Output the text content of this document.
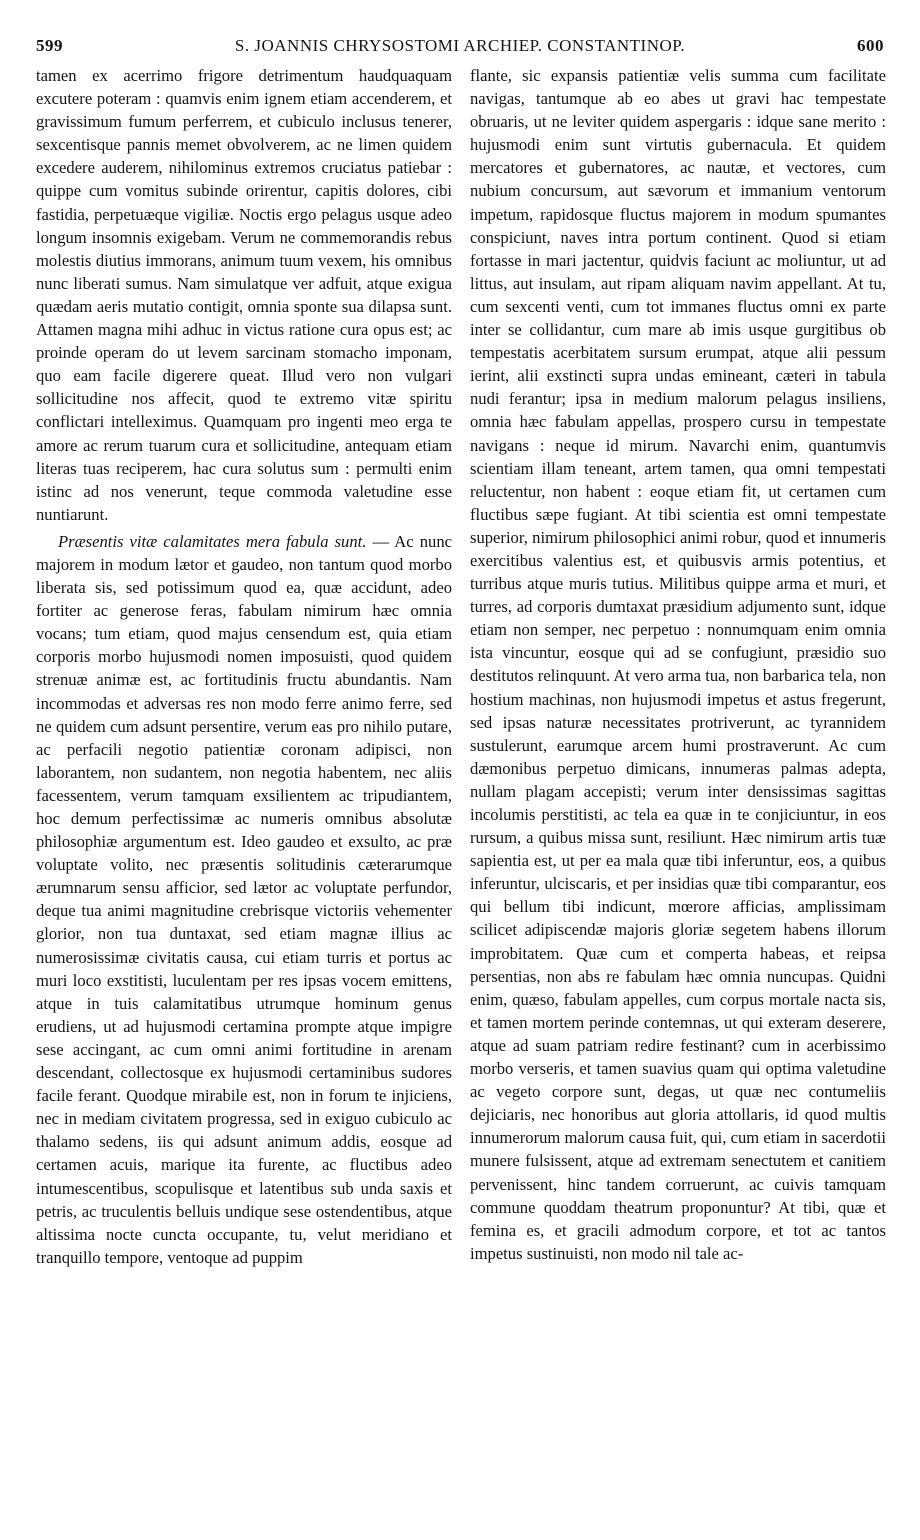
599	S. JOANNIS CHRYSOSTOMI ARCHIEP. CONSTANTINOP.	600

tamen ex acerrimo frigore detrimentum haudquaquam excutere poteram : quamvis enim ignem etiam accenderem, et gravissimum fumum perferrem, et cubiculo inclusus tenerer, sexcentisque pannis memet obvolverem, ac ne limen quidem excedere auderem, nihilominus extremos cruciatus patiebar : quippe cum vomitus subinde orirentur, capitis dolores, cibi fastidia, perpetuæque vigiliæ. Noctis ergo pelagus usque adeo longum insomnis exigebam. Verum ne commemorandis rebus molestis diutius immorans, animum tuum vexem, his omnibus nunc liberati sumus. Nam simulatque ver adfuit, atque exigua quædam aeris mutatio contigit, omnia sponte sua dilapsa sunt. Attamen magna mihi adhuc in victus ratione cura opus est; ac proinde operam do ut levem sarcinam stomacho imponam, quo eam facile digerere queat. Illud vero non vulgari sollicitudine nos affecit, quod te extremo vitæ spiritu conflictari intelleximus. Quamquam pro ingenti meo erga te amore ac rerum tuarum cura et sollicitudine, antequam etiam literas tuas reciperem, hac cura solutus sum : permulti enim istinc ad nos venerunt, teque commoda valetudine esse nuntiarunt.

Præsentis vitæ calamitates mera fabula sunt. — Ac nunc majorem in modum lætor et gaudeo, non tantum quod morbo liberata sis, sed potissimum quod ea, quæ accidunt, adeo fortiter ac generose feras, fabulam nimirum hæc omnia vocans; tum etiam, quod majus censendum est, quia etiam corporis morbo hujusmodi nomen imposuisti, quod quidem strenuæ animæ est, ac fortitudinis fructu abundantis. Nam incommodas et adversas res non modo ferre animo ferre, sed ne quidem cum adsunt persentire, verum eas pro nihilo putare, ac perfacili negotio patientiæ coronam adipisci, non laborantem, non sudantem, non negotia habentem, nec aliis facessentem, verum tamquam exsilientem ac tripudiantem, hoc demum perfectissimæ ac numeris omnibus absolutæ philosophiæ argumentum est. Ideo gaudeo et exsulto, ac præ voluptate volito, nec præsentis solitudinis cæterarumque ærumnarum sensu afficior, sed lætor ac voluptate perfundor, deque tua animi magnitudine crebrisque victoriis vehementer glorior, non tua duntaxat, sed etiam magnæ illius ac numerosissimæ civitatis causa, cui etiam turris et portus ac muri loco exstitisti, luculentam per res ipsas vocem emittens, atque in tuis calamitatibus utrumque hominum genus erudiens, ut ad hujusmodi certamina prompte atque impigre sese accingant, ac cum omni animi fortitudine in arenam descendant, collectosque ex hujusmodi certaminibus sudores facile ferant. Quodque mirabile est, non in forum te injiciens, nec in mediam civitatem progressa, sed in exiguo cubiculo ac thalamo sedens, iis qui adsunt animum addis, eosque ad certamen acuis, marique ita furente, ac fluctibus adeo intumescentibus, scopulisque et latentibus sub unda saxis et petris, ac truculentis belluis undique sese ostendentibus, atque altissima nocte cuncta occupante, tu, velut meridiano et tranquillo tempore, ventoque ad puppim

flante, sic expansis patientiæ velis summa cum facilitate navigas, tantumque ab eo abes ut gravi hac tempestate obruaris, ut ne leviter quidem aspergaris : idque sane merito : hujusmodi enim sunt virtutis gubernacula. Et quidem mercatores et gubernatores, ac nautæ, et vectores, cum nubium concursum, aut sævorum et immanium ventorum impetum, rapidosque fluctus majorem in modum spumantes conspiciunt, naves intra portum continent. Quod si etiam fortasse in mari jactentur, quidvis faciunt ac moliuntur, ut ad littus, aut insulam, aut ripam aliquam navim appellant. At tu, cum sexcenti venti, cum tot immanes fluctus omni ex parte inter se collidantur, cum mare ab imis usque gurgitibus ob tempestatis acerbitatem sursum erumpat, atque alii pessum ierint, alii exstincti supra undas emineant, cæteri in tabula nudi ferantur; ipsa in medium malorum pelagus insiliens, omnia hæc fabulam appellas, prospero cursu in tempestate navigans : neque id mirum. Navarchi enim, quantumvis scientiam illam teneant, artem tamen, qua omni tempestati reluctentur, non habent : eoque etiam fit, ut certamen cum fluctibus sæpe fugiant. At tibi scientia est omni tempestate superior, nimirum philosophici animi robur, quod et innumeris exercitibus valentius est, et quibusvis armis potentius, et turribus atque muris tutius. Militibus quippe arma et muri, et turres, ad corporis dumtaxat præsidium adjumento sunt, idque etiam non semper, nec perpetuo : nonnumquam enim omnia ista vincuntur, eosque qui ad se confugiunt, præsidio suo destitutos relinquunt. At vero arma tua, non barbarica tela, non hostium machinas, non hujusmodi impetus et astus fregerunt, sed ipsas naturæ necessitates protriverunt, ac tyrannidem sustulerunt, earumque arcem humi prostraverunt. Ac cum dæmonibus perpetuo dimicans, innumeras palmas adepta, nullam plagam accepisti; verum inter densissimas sagittas incolumis perstitisti, ac tela ea quæ in te conjiciuntur, in eos rursum, a quibus missa sunt, resiliunt. Hæc nimirum artis tuæ sapientia est, ut per ea mala quæ tibi inferuntur, eos, a quibus inferuntur, ulciscaris, et per insidias quæ tibi comparantur, eos qui bellum tibi indicunt, mœrore afficias, amplissimam scilicet adipiscendæ majoris gloriæ segetem habens illorum improbitatem. Quæ cum et comperta habeas, et reipsa persentias, non abs re fabulam hæc omnia nuncupas. Quidni enim, quæso, fabulam appelles, cum corpus mortale nacta sis, et tamen mortem perinde contemnas, ut qui exteram deserere, atque ad suam patriam redire festinant? cum in acerbissimo morbo verseris, et tamen suavius quam qui optima valetudine ac vegeto corpore sunt, degas, ut quæ nec contumeliis dejiciaris, nec honoribus aut gloria attollaris, id quod multis innumerorum malorum causa fuit, qui, cum etiam in sacerdotii munere fulsissent, atque ad extremam senectutem et canitiem pervenissent, hinc tandem corruerunt, ac cuivis tamquam commune quoddam theatrum proponuntur? At tibi, quæ et femina es, et gracili admodum corpore, et tot ac tantos impetus sustinuisti, non modo nil tale ac-
